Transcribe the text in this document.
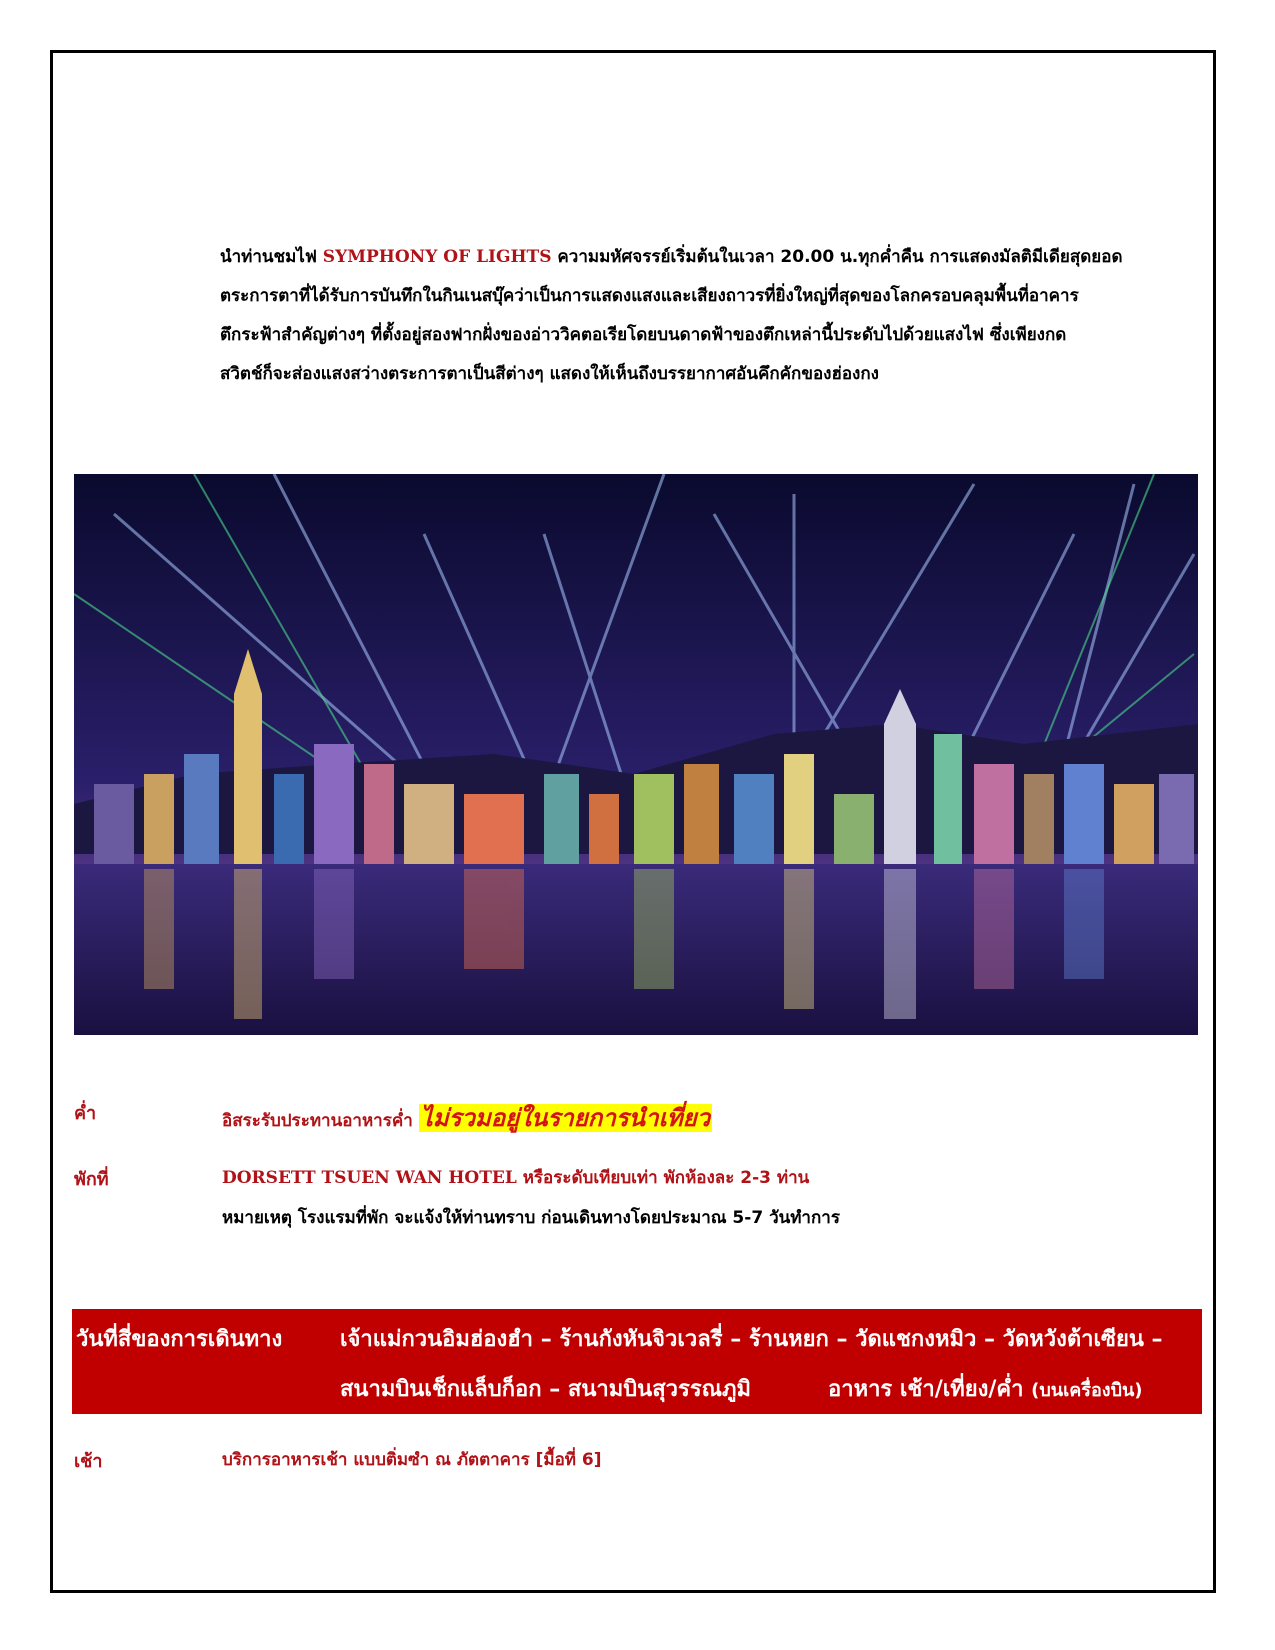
นำท่านชมไฟ SYMPHONY OF LIGHTS ความมหัศจรรย์เริ่มต้นในเวลา 20.00 น.ทุกค่ำคืน การแสดงมัลติมีเดียสุดยอด
ตระการตาที่ได้รับการบันทึกในกินเนสบุ๊คว่าเป็นการแสดงแสงและเสียงถาวรที่ยิ่งใหญ่ที่สุดของโลกครอบคลุมพื้นที่อาคาร
ตึกระฟ้าสำคัญต่างๆ ที่ตั้งอยู่สองฟากฝั่งของอ่าววิคตอเรียโดยบนดาดฟ้าของตึกเหล่านี้ประดับไปด้วยแสงไฟ ซึ่งเพียงกด
สวิตช์ก็จะส่องแสงสว่างตระการตาเป็นสีต่างๆ แสดงให้เห็นถึงบรรยากาศอันคึกคักของฮ่องกง
ค่ำ	อิสระรับประทานอาหารค่ำ ไม่รวมอยู่ในรายการนำเที่ยว
พักที่	DORSETT TSUEN WAN HOTEL หรือระดับเทียบเท่า พักห้องละ 2-3 ท่าน
หมายเหตุ โรงแรมที่พัก จะแจ้งให้ท่านทราบ ก่อนเดินทางโดยประมาณ 5-7 วันทำการ
วันที่สี่ของการเดินทาง	เจ้าแม่กวนอิมฮ่องฮำ – ร้านกังหันจิวเวลรี่ – ร้านหยก – วัดแชกงหมิว – วัดหวังต้าเซียน –
สนามบินเช็กแล็บก็อก – สนามบินสุวรรณภูมิ	อาหาร เช้า/เที่ยง/ค่ำ (บนเครื่องบิน)
เช้า	บริการอาหารเช้า แบบติ่มซำ ณ ภัตตาคาร [มื้อที่ 6]
